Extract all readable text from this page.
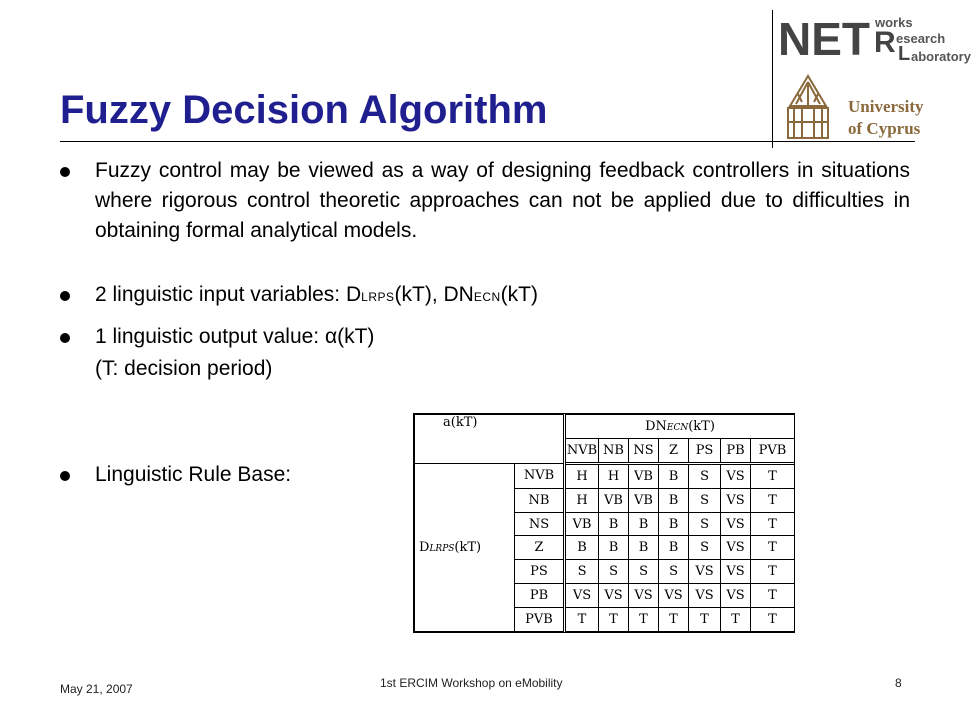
Fuzzy Decision Algorithm
NET works
R esearch
L aboratory
University
of Cyprus
Fuzzy control may be viewed as a way of designing feedback controllers in situations where rigorous control theoretic approaches can not be applied due to difficulties in obtaining formal analytical models.
2 linguistic input variables: DLRPS(kT), DNECN(kT)
1 linguistic output value: α(kT)
(T: decision period)
Linguistic Rule Base:
a(kT)		DNECN(kT)						
		NVB	NB	NS	Z	PS	PB	PVB
DLRPS(kT)	NVB	H	H	VB	B	S	VS	T
	NB	H	VB	VB	B	S	VS	T
	NS	VB	B	B	B	S	VS	T
	Z	B	B	B	B	S	VS	T
	PS	S	S	S	S	VS	VS	T
	PB	VS	VS	VS	VS	VS	VS	T
	PVB	T	T	T	T	T	T	T
May 21, 2007	1st ERCIM Workshop on eMobility	8
